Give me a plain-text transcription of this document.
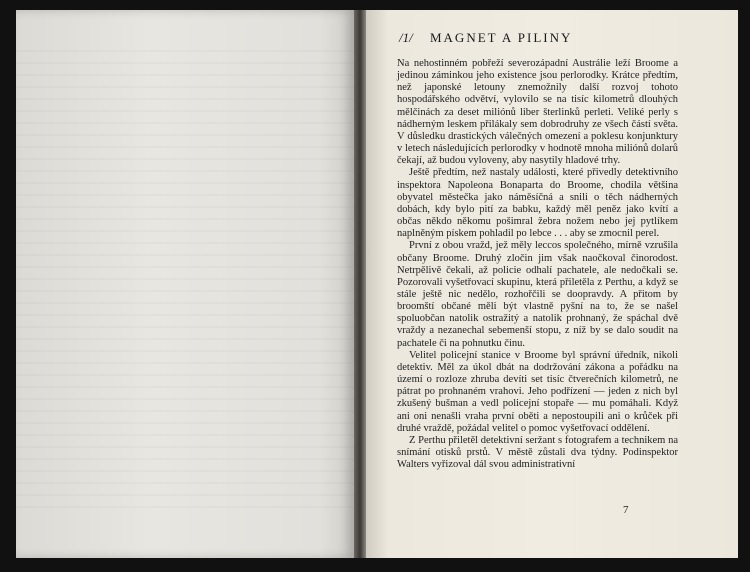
/1/ MAGNET A PILINY

Na nehostinném pobřeží severozápadní Austrálie leží Broome a jedinou záminkou jeho existence jsou perlorodky. Krátce předtím, než japonské letouny znemožnily další rozvoj tohoto hospodářského odvětví, vylovilo se na tisíc kilometrů dlouhých mělčinách za deset miliónů liber šterlinků perleti. Veliké perly s nádherným leskem přilákaly sem dobrodruhy ze všech částí světa. V důsledku drastických válečných omezení a poklesu konjunktury v letech následujících perlorodky v hodnotě mnoha miliónů dolarů čekají, až budou vyloveny, aby nasytily hladové trhy.

Ještě předtím, než nastaly události, které přivedly detektivního inspektora Napoleona Bonaparta do Broome, chodila většina obyvatel městečka jako náměsíčná a snili o těch nádherných dobách, kdy bylo pití za babku, každý měl peněz jako kvítí a občas někdo někomu pošimral žebra nožem nebo jej pytlíkem naplněným pískem pohladil po lebce . . . aby se zmocnil perel.

První z obou vražd, jež měly leccos společného, mírně vzrušila občany Broome. Druhý zločin jim však naočkoval činorodost. Netrpělivě čekali, až policie odhalí pachatele, ale nedočkali se. Pozorovali vyšetřovací skupinu, která přiletěla z Perthu, a když se stále ještě nic nedělo, rozhořčili se doopravdy. A přitom by broomští občané měli být vlastně pyšní na to, že se našel spoluobčan natolik ostražitý a natolik prohnaný, že spáchal dvě vraždy a nezanechal sebemenší stopu, z níž by se dalo soudit na pachatele či na pohnutku činu.

Velitel policejní stanice v Broome byl správní úředník, nikoli detektiv. Měl za úkol dbát na dodržování zákona a pořádku na území o rozloze zhruba devíti set tisíc čtverečních kilometrů, ne pátrat po prohnaném vrahovi. Jeho podřízení — jeden z nich byl zkušený bušman a vedl policejní stopaře — mu pomáhali. Když ani oni nenašli vraha první oběti a nepostoupili ani o krůček při druhé vraždě, požádal velitel o pomoc vyšetřovací oddělení.

Z Perthu přiletěl detektivní seržant s fotografem a technikem na snímání otisků prstů. V městě zůstali dva týdny. Podinspektor Walters vyřizoval dál svou administrativní

7
